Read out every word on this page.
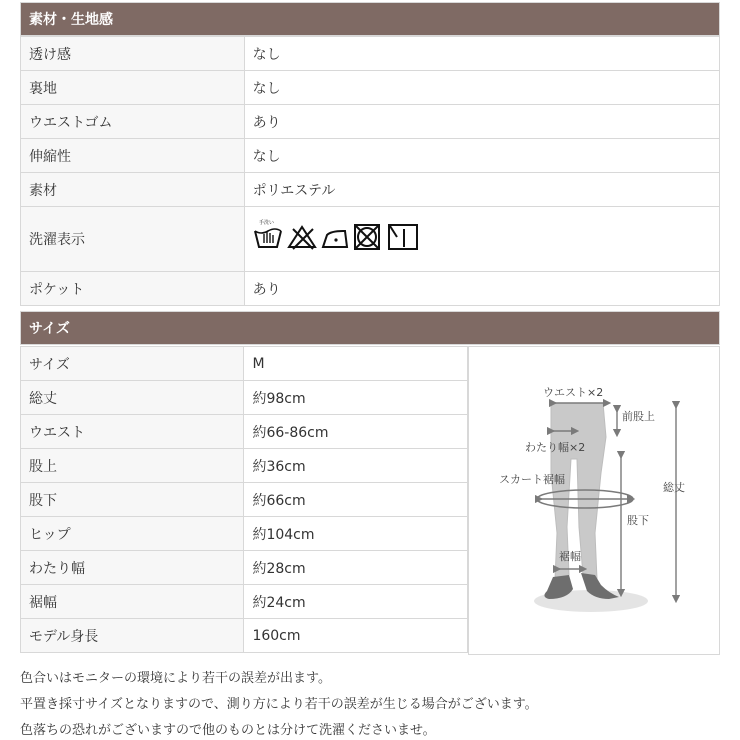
素材・生地感
透け感	なし
裏地	なし
ウエストゴム	あり
伸縮性	なし
素材	ポリエステル
洗濯表示	手洗い

ポケット	あり
サイズ
サイズ	M
総丈	約98cm
ウエスト	約66-86cm
股上	約36cm
股下	約66cm
ヒップ	約104cm
わたり幅	約28cm
裾幅	約24cm
モデル身長	160cm
ウエスト×2
前股上
わたり幅×2
スカート裾幅
股下
総丈
裾幅
色合いはモニターの環境により若干の誤差が出ます。
平置き採寸サイズとなりますので、測り方により若干の誤差が生じる場合がございます。
色落ちの恐れがございますので他のものとは分けて洗濯くださいませ。
